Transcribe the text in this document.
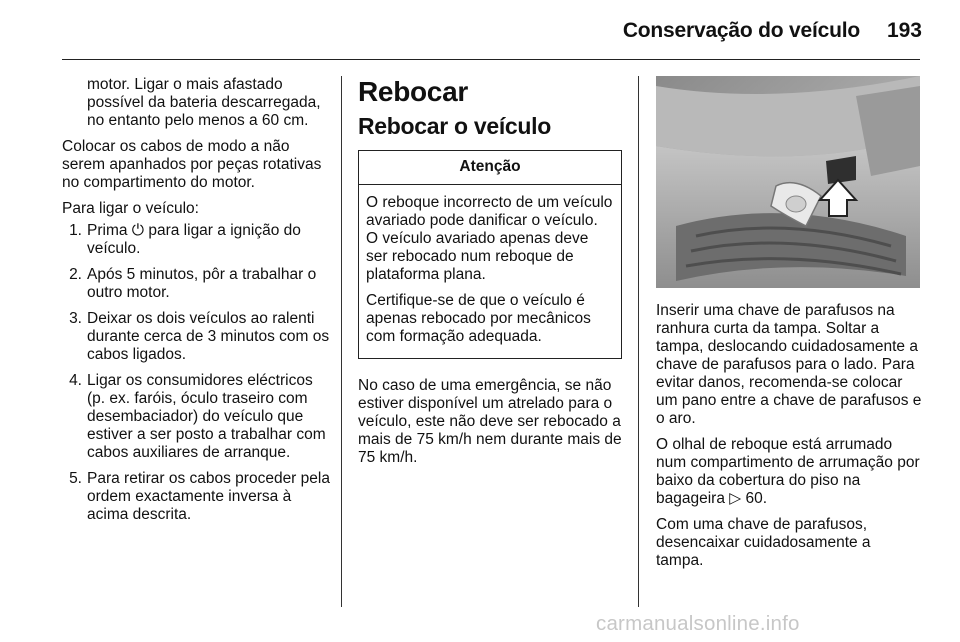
Conservação do veículo	193
motor. Ligar o mais afastado possível da bateria descarregada, no entanto pelo menos a 60 cm.

Colocar os cabos de modo a não serem apanhados por peças rotativas no compartimento do motor.

Para ligar o veículo:

1. Prima ⏻ para ligar a ignição do veículo.
2. Após 5 minutos, pôr a trabalhar o outro motor.
3. Deixar os dois veículos ao ralenti durante cerca de 3 minutos com os cabos ligados.
4. Ligar os consumidores eléctricos (p. ex. faróis, óculo traseiro com desembaciador) do veículo que estiver a ser posto a trabalhar com cabos auxiliares de arranque.
5. Para retirar os cabos proceder pela ordem exactamente inversa à acima descrita.
Rebocar
Rebocar o veículo
Atenção

O reboque incorrecto de um veículo avariado pode danificar o veículo. O veículo avariado apenas deve ser rebocado num reboque de plataforma plana.

Certifique-se de que o veículo é apenas rebocado por mecânicos com formação adequada.

No caso de uma emergência, se não estiver disponível um atrelado para o veículo, este não deve ser rebocado a mais de 75 km/h nem durante mais de 75 km/h.

Inserir uma chave de parafusos na ranhura curta da tampa. Soltar a tampa, deslocando cuidadosamente a chave de parafusos para o lado. Para evitar danos, recomenda-se colocar um pano entre a chave de parafusos e o aro.

O olhal de reboque está arrumado num compartimento de arrumação por baixo da cobertura do piso na bagageira ▷ 60.

Com uma chave de parafusos, desencaixar cuidadosamente a tampa.

carmanualsonline.info
